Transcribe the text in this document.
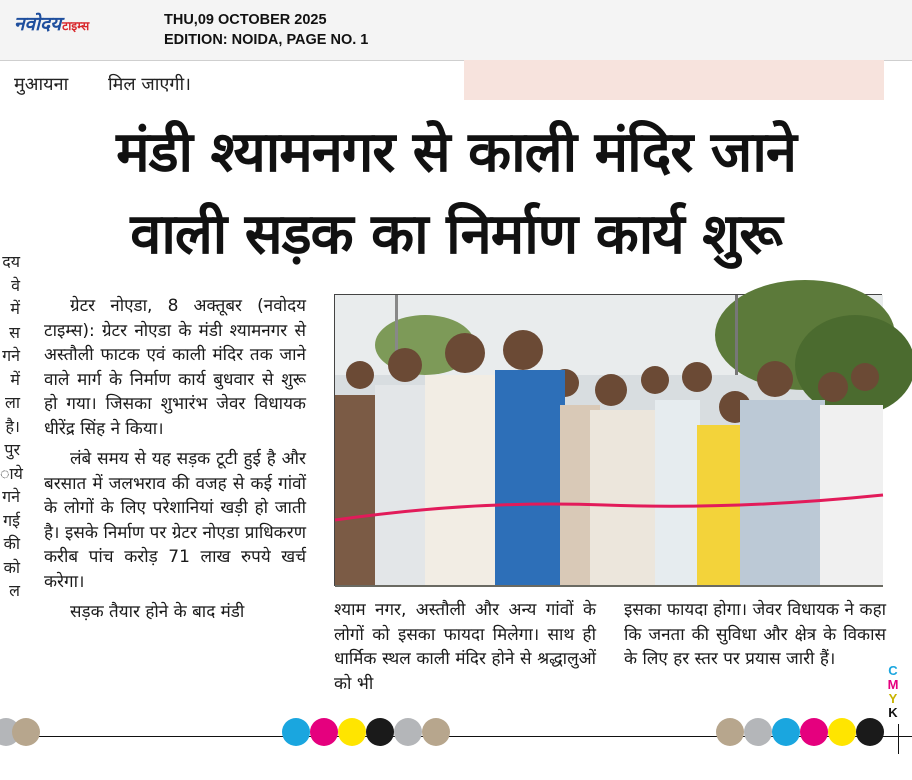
नवोदयटाइम्स	THU,09 OCTOBER 2025
EDITION: NOIDA, PAGE NO. 1
मुआयना मिल जाएगी।
मंडी श्यामनगर से काली मंदिर जाने
वाली सड़क का निर्माण कार्य शुरू
दय
वे
में
स
गने
में
ला
है।
पुर
ाये
गने
गई
की
को
ल

ग्रेटर नोएडा, 8 अक्तूबर (नवोदय टाइम्स): ग्रेटर नोएडा के मंडी श्यामनगर से अस्तौली फाटक एवं काली मंदिर तक जाने वाले मार्ग के निर्माण कार्य बुधवार से शुरू हो गया। जिसका शुभारंभ जेवर विधायक धीरेंद्र सिंह ने किया।

लंबे समय से यह सड़क टूटी हुई है और बरसात में जलभराव की वजह से कई गांवों के लोगों के लिए परेशानियां खड़ी हो जाती है। इसके निर्माण पर ग्रेटर नोएडा प्राधिकरण करीब पांच करोड़ 71 लाख रुपये खर्च करेगा।

सड़क तैयार होने के बाद मंडी	श्याम नगर, अस्तौली और अन्य गांवों के लोगों को इसका फायदा मिलेगा। साथ ही धार्मिक स्थल काली मंदिर होने से श्रद्धालुओं को भी

इसका फायदा होगा। जेवर विधायक ने कहा कि जनता की सुविधा और क्षेत्र के विकास के लिए हर स्तर पर प्रयास जारी हैं।

C
M
Y
K
